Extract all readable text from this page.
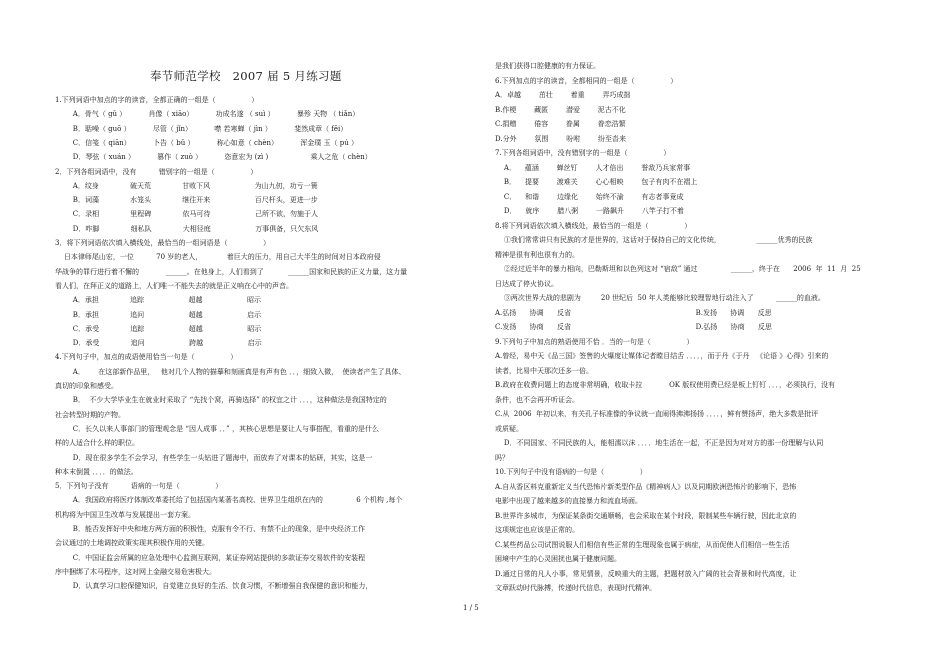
奉节师范学校   2007 届 5 月练习题
1.下列词语中加点的字的读音，全都正确的一组是（                ）
A．骨气（ gǔ ）          肖像（ xiāo）          功成名遂 （ suì ）          暴殄 天物 （ tiǎn）
B．聒噪（ guō ）          尽管（ jǐn）          噤 若寒蝉（ jìn ）          斐然成章（ fěi）
C．信笺（ qiān）          卜告（ bǔ ）          称心如意（ chèn）          浑金璞 玉（ pú ）
D．琴弦（ xuán ）          篡作（ zuò ）          恣意宏为 (zì )                   乘人之危（ chèn）
2．下列各组词语中，没有          错别字的一组是（                ）
A．纹身              破天荒              甘败下风                    为山九仞，功亏一篑
B．词藻              水笼头              继往开来                    百尺杆头，更进一步
C．录相              里程碑              依马可待                    己所不欲，勿施于人
D．咋脚              细私队              大相径庭                    万事俱备，只欠东风
3．将下列词语依次填入横线处，最恰当的一组词语是（                ）
日本律师尾山宏，一位          70 岁的老人，           着巨大的压力，用自己大半生的时间对日本政府侵
华战争的罪行进行着不懈的            ______。在他身上，人们看到了           ______国家和民族的正义力量，这力量
看人们，在拜正义的道路上，人们唯一不能失去的就是正义响在心中的声音。
A．承担              追踪                    超越                    昭示
B．承担              追问                    超越                    启示
C．承受              追踪                    超越                    昭示
D．承受              追问                    跨越                    启示
4.下列句子中，加点的成语使用恰当一句是（                ）
A．      在这部新作品里，   他对几个人物的描摹和刻画真是有声有色 ．．，细致入微，  使读者产生了具体、
真切的印象和感受。
B．  不少大学毕业生在就业时采取了 “先找个窝，再骑选择” 的权宜之计 ．．．，这种做法是我国特定的
社会转型时期的产物。
C．长久以来人事部门的管理观念是 “因人成事 ．．” ，其核心思想是要让人与事搭配，看重的是什么
样的人适合什么样的职位。
D．现在很多学生不会学习，有些学生一头钻进了题海中，而放弃了对课本的钻研，其实，这是一
种本末倒置 ．．．．的做法。
5．下列句子没有          语病的一句是（                ）
A．我国政府将医疗体制改革委托给了包括国内某著名高校、世界卫生组织在内的               6 个机构 ,每个
机构将为中国卫生改革与发展提出一套方案。
B．能否发挥好中央和地方两方面的积极性，克服有令不行、有禁不止的现象，是中央经济工作
会议通过的土地调控政策实现其积极作用的关键。
C．中国证监会所属的应急处理中心监测互联网，某证券网站提供的多款证券交易软件的安装程
序中捆绑了木马程序，这对网上金融交易危害极大。
D．认真学习口腔保健知识，自觉建立良好的生活、饮食习惯，不断增强自我保健的意识和能力，
是我们获得口腔健康的有力保证。
6.下列加点的字的读音，全都相同的一组是（                ）
A．卓越        茁壮        着重        弄巧成拙
B.作梗        藏匿        潜爱        泥古不化
C.捐赠        倦容        眷属        眷恋浩繁
D.分外        氛围        吩咐        纷至沓来
7.下列各组词语中，没有错别字的一组是（                ）
A．    蕴涵        蝉丝钉        人才倍出        誉敌乃兵家常事
B．    提要        渡难关        心心相映        包子有肉不在褶上
C．    和谐        边缘化        始终不渝        有志者事竟成
D．    就序        腊八粥        一路飙升        八竿子打不着
8.将下列词语依次填入横线处，最恰当的一组是（                ）
①我们常常讲只有民族的才是世界的，这话对于保持自己的文化传统，                ______优秀的民族
精神是很有利也很有力的。
②经过近半年的暴力相向，巴勒斯坦和以色列这对 “宿敌” 通过               ______，终于在      2006  年  11  月  25
日达成了停火协议。
③两次世界大战的悲剧为         20 世纪后  50 年人类能够比较理智地行动注入了          ______的血液。
A.弘扬      协调      反省                                                        B.发扬      协调      反思
C.发扬      协商      反省                                                        D.弘扬      协商      反思
9.下列句子中加点的熟语使用不恰 ．当的一句是（                ）
A.曾经，易中天《品三国》签售的火爆度让媒体记者瞠目结舌 ．．．．，而于丹《于丹   《论语 》心得》引来的
读者，比易中天那次还多一倍。
B.政府在收费问题上的态度非常明确，收取卡拉            OK 版权使用费已经是板上钉钉 ．．．，必须执行，没有
条件，也不会再开听证会。
C.从  2006  年初以来，有关孔子标准像的争议就一直闹得沸沸扬扬 ．．．．，鲜有赞扬声，绝大多数是批评
或质疑。
D．不同国家、不同民族的人，能相濡以沫 ．．．．地生活在一起，不正是因为对对方的那一份理解与认同
吗？
10.下列句子中没有语病的一句是（                ）
A.自从香区料克重新定义当代恐怖片新类型作品《精神病人》以及同期欧洲恐怖片的影响下，恐怖
电影中出现了越来越多的直接暴力和流血场面。
B.世界许多城市，为保证某条街交通顺畅，也会采取在某个时段，限制某些车辆行驶，因此北京的
这项规定也应该是正常的。
C.某些药品公司试图说服人们相信有些正常的生理现象也属于病症，从而促使人们相信一些生活
困境中产生的心灵困扰也属于健康问题。
D.通过日常的凡人小事，常见情景，反映重大的主题，把题材放入广阔的社会背景和时代高度，让
文章跃动时代脉搏，传递时代信息，表现时代精神。
1 / 5
